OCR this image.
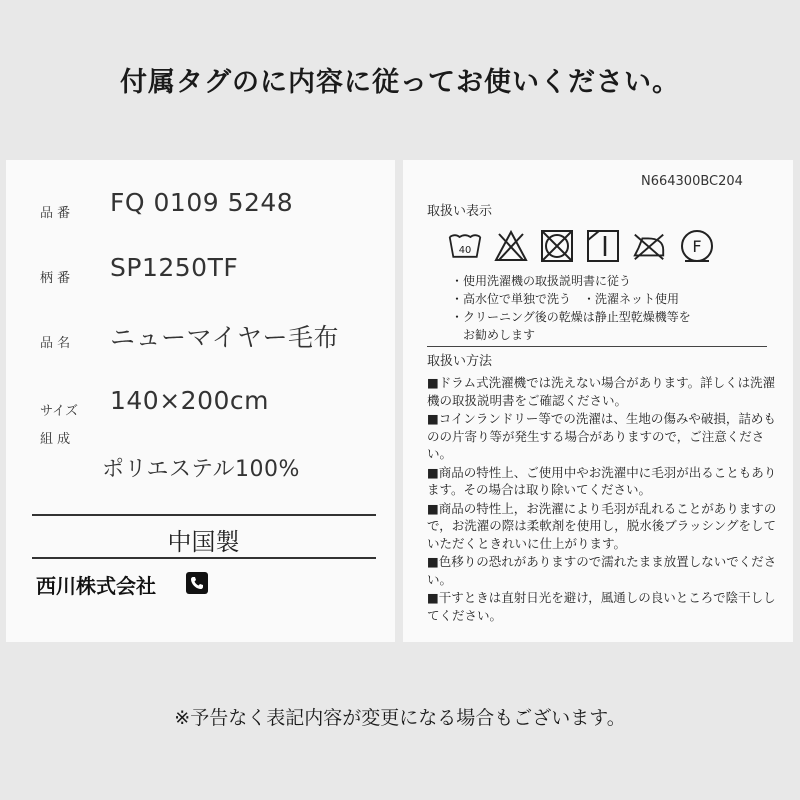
付属タグのに内容に従ってお使いください。
品 番 FQ 0109 5248
柄 番 SP1250TF
品 名 ニューマイヤー毛布
サイズ 140×200cm
組 成
ポリエステル100%
中国製
西川株式会社
N664300BC204
取扱い表示
40	F
・使用洗濯機の取扱説明書に従う
・高水位で単独で洗う　・洗濯ネット使用
・クリーニング後の乾燥は静止型乾燥機等を
　お勧めします
取扱い方法

■ドラム式洗濯機では洗えない場合があります。詳しくは洗濯機の取扱説明書をご確認ください。

■コインランドリー等での洗濯は、生地の傷みや破損，詰めものの片寄り等が発生する場合がありますので，ご注意ください。

■商品の特性上、ご使用中やお洗濯中に毛羽が出ることもあります。その場合は取り除いてください。

■商品の特性上，お洗濯により毛羽が乱れることがありますので，お洗濯の際は柔軟剤を使用し，脱水後ブラッシングをしていただくときれいに仕上がります。

■色移りの恐れがありますので濡れたまま放置しないでください。

■干すときは直射日光を避け，風通しの良いところで陰干ししてください。

※予告なく表記内容が変更になる場合もございます。
